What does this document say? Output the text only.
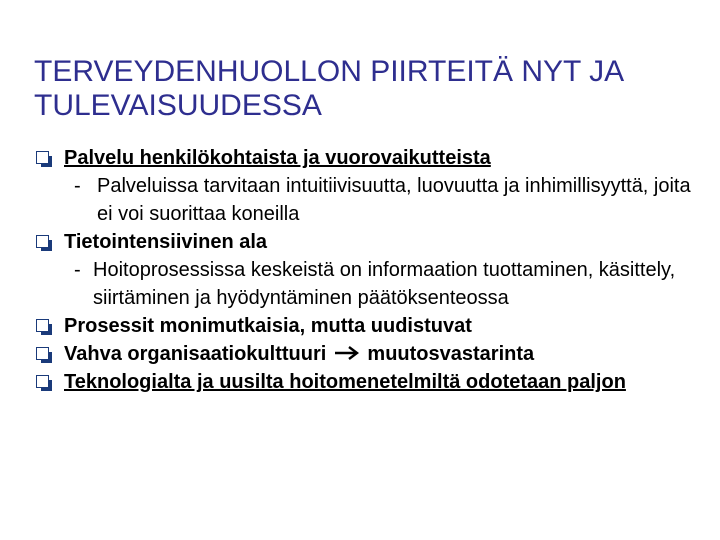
TERVEYDENHUOLLON PIIRTEITÄ NYT JA
TULEVAISUUDESSA
Palvelu henkilökohtaista ja vuorovaikutteista
- Palveluissa tarvitaan intuitiivisuutta, luovuutta ja inhimillisyyttä, joita ei voi suorittaa koneilla
Tietointensiivinen ala
- Hoitoprosessissa keskeistä on informaation tuottaminen, käsittely, siirtäminen ja hyödyntäminen päätöksenteossa
Prosessit monimutkaisia, mutta uudistuvat
Vahva organisaatiokulttuuri muutosvastarinta
Teknologialta ja uusilta hoitomenetelmiltä odotetaan paljon
